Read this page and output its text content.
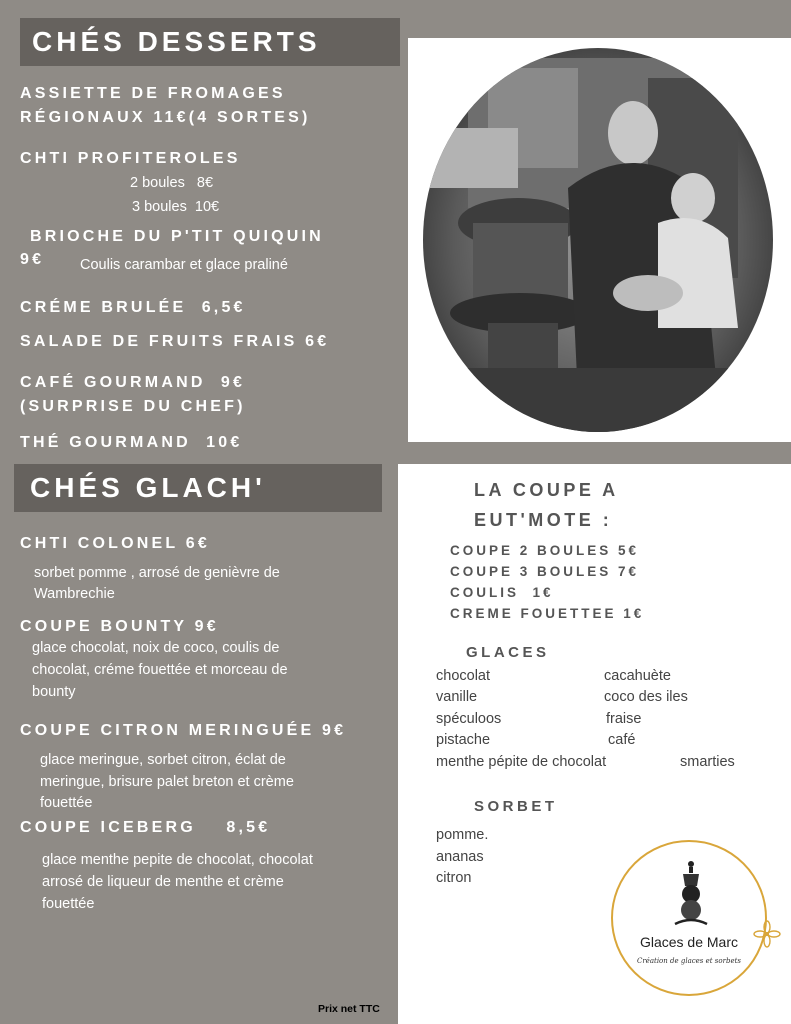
CHÉS DESSERTS
ASSIETTE DE FROMAGES
RÉGIONAUX 11€(4 SORTES)
CHTI PROFITEROLES
2 boules   8€
3 boules  10€
BRIOCHE DU P'TIT QUIQUIN
9€ Coulis carambar et glace praliné
CRÉME BRULÉE  6,5€
SALADE DE FRUITS FRAIS 6€
CAFÉ GOURMAND  9€
(SURPRISE DU CHEF)
THÉ GOURMAND  10€
CHÉS GLACH'
CHTI COLONEL 6€
sorbet pomme , arrosé de genièvre de
Wambrechie
COUPE BOUNTY 9€
glace chocolat, noix de coco, coulis de
chocolat, créme fouettée et morceau de
bounty
COUPE CITRON MERINGUÉE 9€
glace meringue, sorbet citron, éclat de
meringue, brisure palet breton et crème
fouettée
COUPE ICEBERG    8,5€
glace menthe pepite de chocolat, chocolat
arrosé de liqueur de menthe et crème
fouettée
Prix net TTC
LA COUPE A
EUT'MOTE :
COUPE 2 BOULES 5€
COUPE 3 BOULES 7€
COULIS  1€
CREME FOUETTEE 1€
GLACES
chocolat
vanille
spéculoos
pistache
menthe pépite de chocolat
cacahuète
coco des iles
fraise
café
smarties
SORBET
pomme.
ananas
citron
Glaces de Marc
Création de glaces et sorbets
